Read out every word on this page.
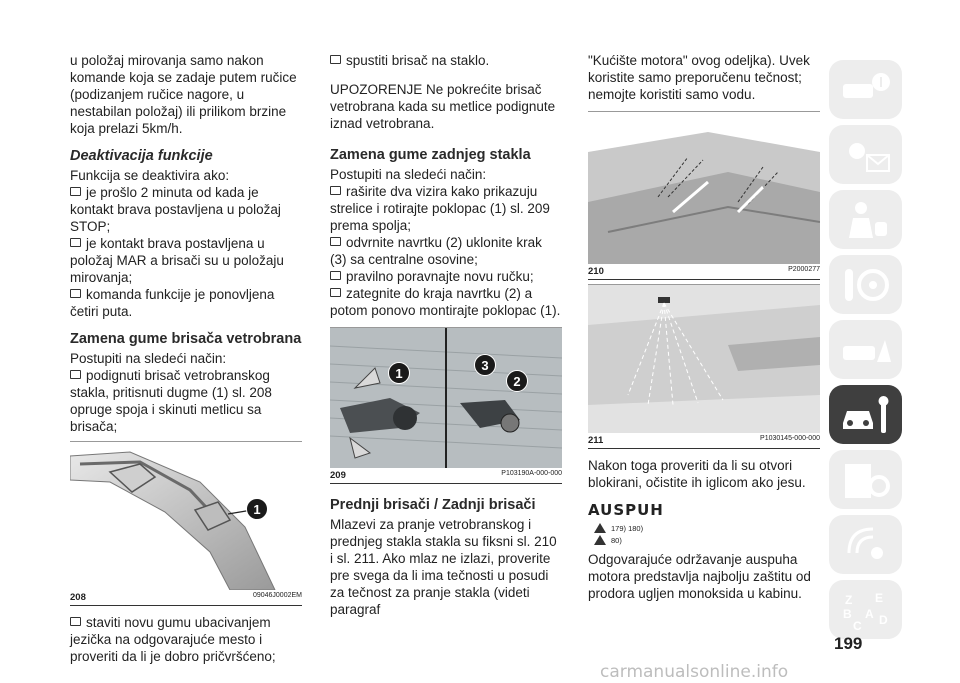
u položaj mirovanja samo nakon komande koja se zadaje putem ručice (podizanjem ručice nagore, u nestabilan položaj) ili prilikom brzine koja prelazi 5km/h.

Deaktivacija funkcije

Funkcija se deaktivira ako:

je prošlo 2 minuta od kada je kontakt brava postavljena u položaj STOP;

je kontakt brava postavljena u položaj MAR a brisači su u položaju mirovanja;

komanda funkcije je ponovljena četiri puta.

Zamena gume brisača vetrobrana

Postupiti na sledeći način:

podignuti brisač vetrobranskog stakla, pritisnuti dugme (1) sl. 208 opruge spoja i skinuti metlicu sa brisača;

1
208	09046J0002EM

staviti novu gumu ubacivanjem jezička na odgovarajuće mesto i proveriti da li je dobro pričvršćeno;

spustiti brisač na staklo.

UPOZORENJE Ne pokrećite brisač vetrobrana kada su metlice podignute iznad vetrobrana.

Zamena gume zadnjeg stakla

Postupiti na sledeći način:

raširite dva vizira kako prikazuju strelice i rotirajte poklopac (1) sl. 209 prema spolja;

odvrnite navrtku (2) uklonite krak (3) sa centralne osovine;

pravilno poravnajte novu ručku;

zategnite do kraja navrtku (2) a potom ponovo montirajte poklopac (1).

1
3
2
209	P103190A-000-000
Prednji brisači / Zadnji brisači

Mlazevi za pranje vetrobranskog i prednjeg stakla stakla su fiksni sl. 210 i sl. 211. Ako mlaz ne izlazi, proverite pre svega da li ima tečnosti u posudi za tečnost za pranje stakla (videti paragraf

"Kućište motora" ovog odeljka). Uvek koristite samo preporučenu tečnost; nemojte koristiti samo vodu.

210	P2000277
211	P1030145-000-000

Nakon toga proveriti da li su otvori blokirani, očistite ih iglicom ako jesu.

AUSPUH
179) 180)
80)

Odgovarajuće održavanje auspuha motora predstavlja najbolju zaštitu od prodora ugljen monoksida u kabinu.	Z E
B A
C D
199
carmanualsonline.info
